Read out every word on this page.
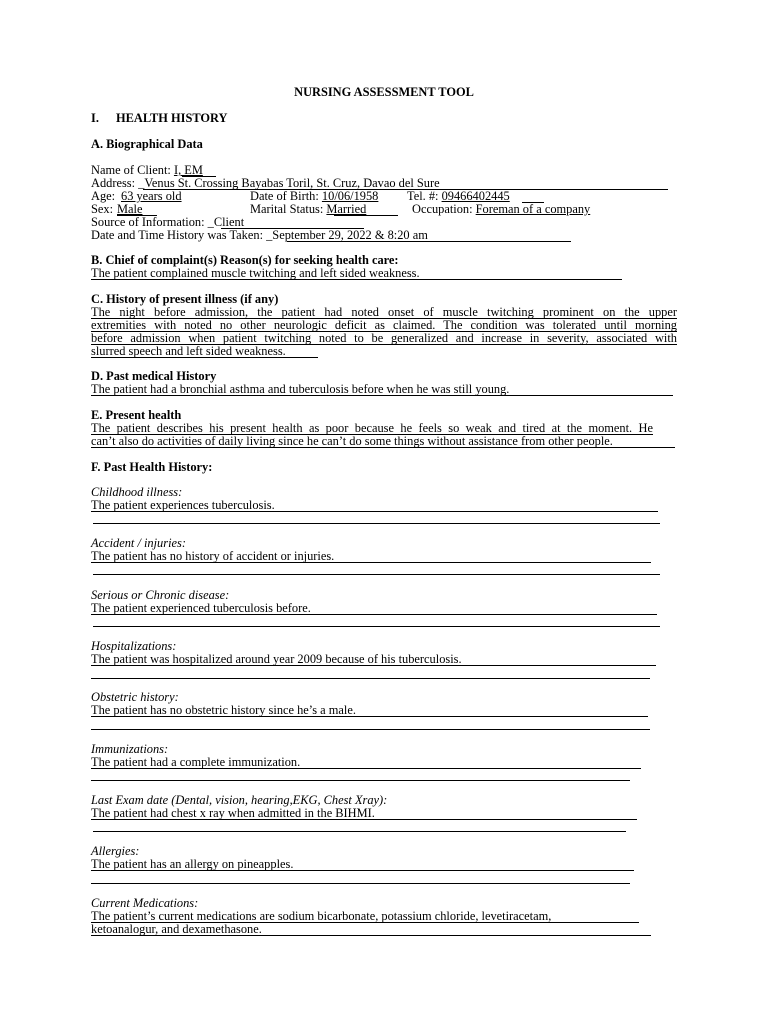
NURSING ASSESSMENT TOOL
I. HEALTH HISTORY
A. Biographical Data
Name of Client: I, EM
Address: _Venus St. Crossing Bayabas Toril, St. Cruz, Davao del Sure
Age: 63 years old	Date of Birth: 10/06/1958 Tel. #: 09466402445
Sex: Male	Marital Status: Married	Occupation: Foreman of a company
Source of Information: _Client
Date and Time History was Taken: _September 29, 2022 & 8:20 am
B. Chief of complaint(s) Reason(s) for seeking health care:
The patient complained muscle twitching and left sided weakness.
C. History of present illness (if any)
The night before admission, the patient had noted onset of muscle twitching prominent on the upper
extremities with noted no other neurologic deficit as claimed. The condition was tolerated until morning
before admission when patient twitching noted to be generalized and increase in severity, associated with
slurred speech and left sided weakness.
D. Past medical History
The patient had a bronchial asthma and tuberculosis before when he was still young.
E. Present health
The patient describes his present health as poor because he feels so weak and tired at the moment. He
can’t also do activities of daily living since he can’t do some things without assistance from other people.
F. Past Health History:
Childhood illness:
The patient experiences tuberculosis.
Accident / injuries:
The patient has no history of accident or injuries.
Serious or Chronic disease:
The patient experienced tuberculosis before.
Hospitalizations:
The patient was hospitalized around year 2009 because of his tuberculosis.
Obstetric history:
The patient has no obstetric history since he’s a male.
Immunizations:
The patient had a complete immunization.
Last Exam date (Dental, vision, hearing,EKG, Chest Xray):
The patient had chest x ray when admitted in the BIHMI.
Allergies:
The patient has an allergy on pineapples.
Current Medications:
The patient’s current medications are sodium bicarbonate, potassium chloride, levetiracetam,
ketoanalogur, and dexamethasone.
